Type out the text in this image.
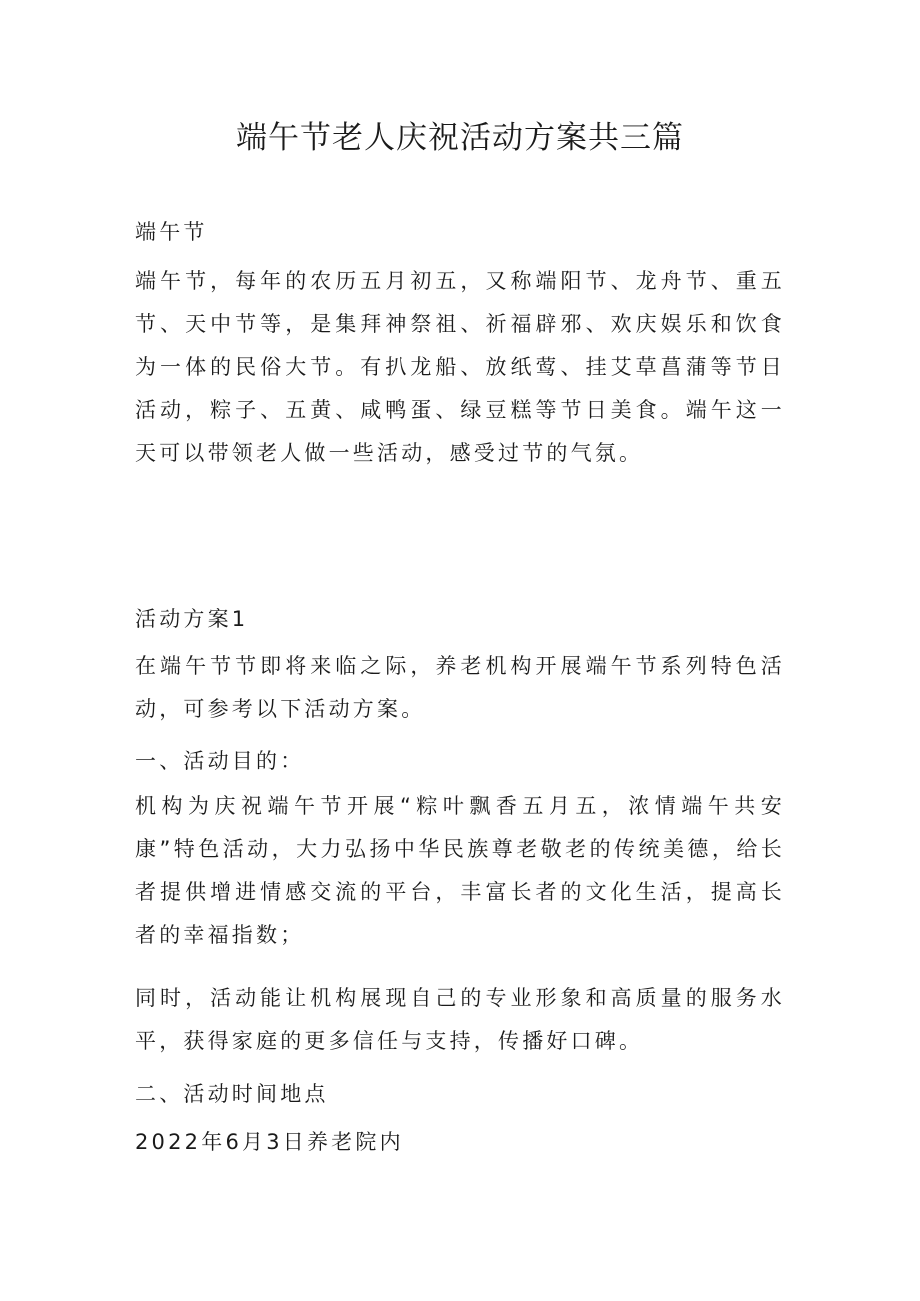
端午节老人庆祝活动方案共三篇
端午节
端午节，每年的农历五月初五，又称端阳节、龙舟节、重五节、天中节等，是集拜神祭祖、祈福辟邪、欢庆娱乐和饮食为一体的民俗大节。有扒龙船、放纸莺、挂艾草菖蒲等节日活动，粽子、五黄、咸鸭蛋、绿豆糕等节日美食。端午这一天可以带领老人做一些活动，感受过节的气氛。
活动方案1
在端午节节即将来临之际，养老机构开展端午节系列特色活动，可参考以下活动方案。
一、活动目的：
机构为庆祝端午节开展“粽叶飘香五月五，浓情端午共安康”特色活动，大力弘扬中华民族尊老敬老的传统美德，给长者提供增进情感交流的平台，丰富长者的文化生活，提高长者的幸福指数；
同时，活动能让机构展现自己的专业形象和高质量的服务水平，获得家庭的更多信任与支持，传播好口碑。
二、活动时间地点
2022年6月3日养老院内
